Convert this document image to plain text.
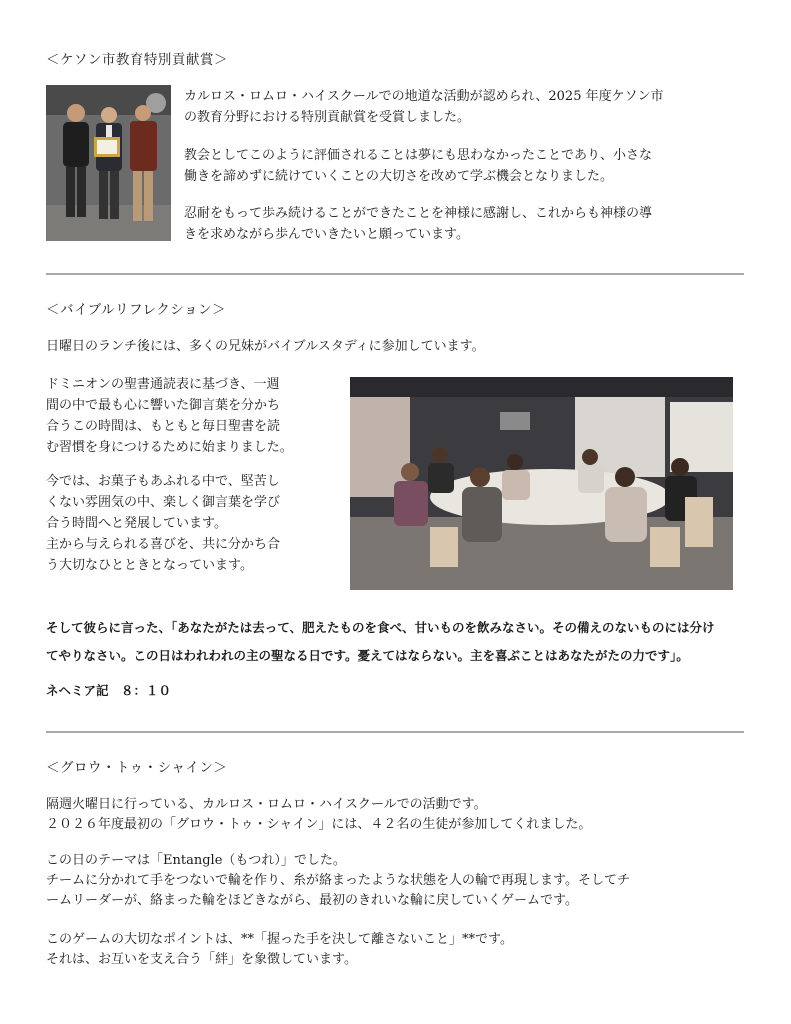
＜ケソン市教育特別貢献賞＞
カルロス・ロムロ・ハイスクールでの地道な活動が認められ、2025 年度ケソン市
の教育分野における特別貢献賞を受賞しました。
教会としてこのように評価されることは夢にも思わなかったことであり、小さな
働きを諦めずに続けていくことの大切さを改めて学ぶ機会となりました。
忍耐をもって歩み続けることができたことを神様に感謝し、これからも神様の導
きを求めながら歩んでいきたいと願っています。
＜バイブルリフレクション＞
日曜日のランチ後には、多くの兄妹がバイブルスタディに参加しています。
ドミニオンの聖書通読表に基づき、一週
間の中で最も心に響いた御言葉を分かち
合うこの時間は、もともと毎日聖書を読
む習慣を身につけるために始まりました。
今では、お菓子もあふれる中で、堅苦し
くない雰囲気の中、楽しく御言葉を学び
合う時間へと発展しています。
主から与えられる喜びを、共に分かち合
う大切なひとときとなっています。
そして彼らに言った、「あなたがたは去って、肥えたものを食べ、甘いものを飲みなさい。その備えのないものには分け
てやりなさい。この日はわれわれの主の聖なる日です。憂えてはならない。主を喜ぶことはあなたがたの力です」。
ネヘミア記　８：１０
＜グロウ・トゥ・シャイン＞
隔週火曜日に行っている、カルロス・ロムロ・ハイスクールでの活動です。
２０２６年度最初の「グロウ・トゥ・シャイン」には、４２名の生徒が参加してくれました。
この日のテーマは「Entangle（もつれ）」でした。
チームに分かれて手をつないで輪を作り、糸が絡まったような状態を人の輪で再現します。そしてチ
ームリーダーが、絡まった輪をほどきながら、最初のきれいな輪に戻していくゲームです。
このゲームの大切なポイントは、**「握った手を決して離さないこと」**です。
それは、お互いを支え合う「絆」を象徴しています。
